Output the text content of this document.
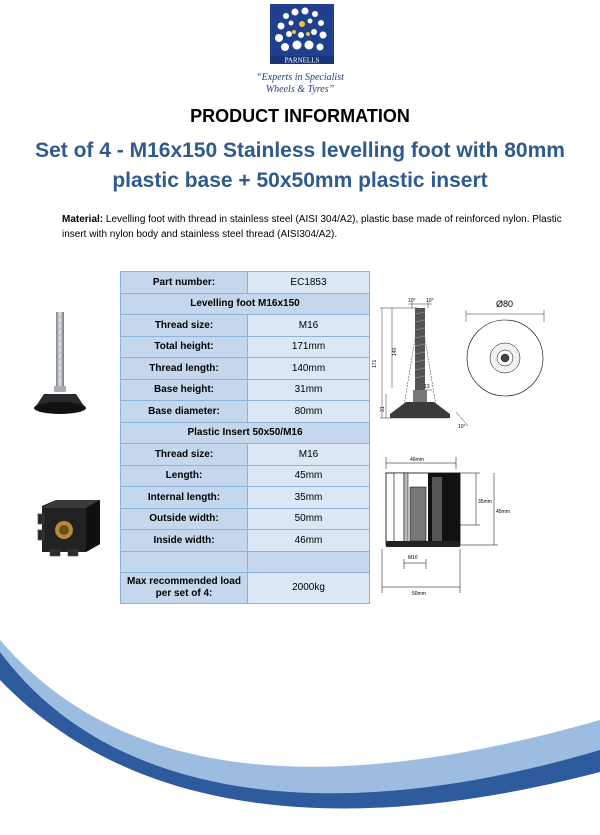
PARNELLS
“Experts in Specialist
Wheels & Tyres”
PRODUCT INFORMATION
Set of 4 - M16x150 Stainless levelling foot with 80mm
plastic base + 50x50mm plastic insert
Material: Levelling foot with thread in stainless steel (AISI 304/A2), plastic base made of reinforced nylon. Plastic insert with nylon body and stainless steel thread (AISI304/A2).
Part number:	EC1853
Levelling foot M16x150	
Thread size:	M16
Total height:	171mm
Thread length:	140mm
Base height:	31mm
Base diameter:	80mm
Plastic Insert 50x50/M16	
Thread size:	M16
Length:	45mm
Internal length:	35mm
Outside width:	50mm
Inside width:	46mm

Max recommended load
per set of 4:	2000kg
10° 10°
171
140
31
13
10°
Ø80
46mm
35mm
45mm
M16
50mm
